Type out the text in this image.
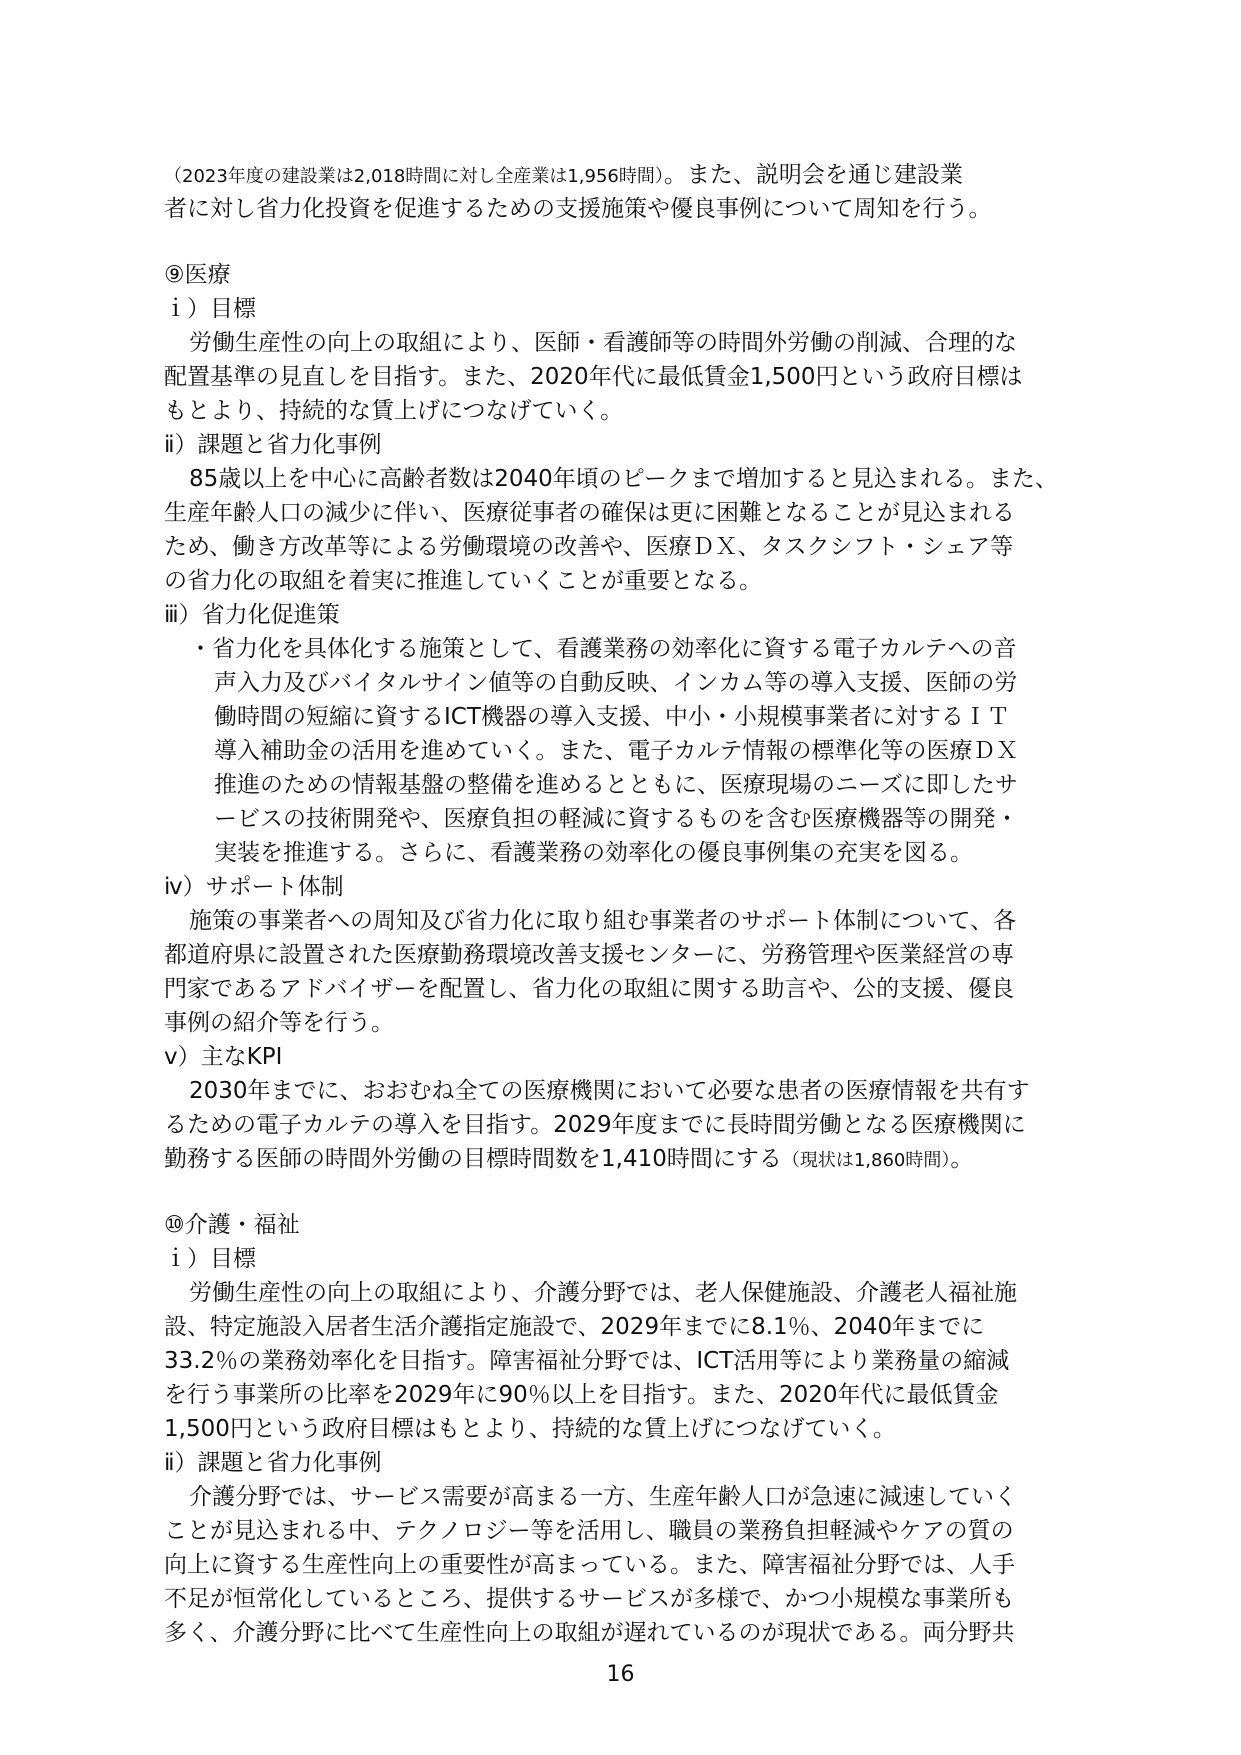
（2023年度の建設業は2,018時間に対し全産業は1,956時間）。また、説明会を通じ建設業

者に対し省力化投資を促進するための支援施策や優良事例について周知を行う。

⑨医療

ｉ）目標

労働生産性の向上の取組により、医師・看護師等の時間外労働の削減、合理的な

配置基準の見直しを目指す。また、2020年代に最低賃金1,500円という政府目標は

もとより、持続的な賃上げにつなげていく。

ⅱ）課題と省力化事例

85歳以上を中心に高齢者数は2040年頃のピークまで増加すると見込まれる。また、

生産年齢人口の減少に伴い、医療従事者の確保は更に困難となることが見込まれる

ため、働き方改革等による労働環境の改善や、医療ＤＸ、タスクシフト・シェア等

の省力化の取組を着実に推進していくことが重要となる。

ⅲ）省力化促進策

・省力化を具体化する施策として、看護業務の効率化に資する電子カルテへの音

声入力及びバイタルサイン値等の自動反映、インカム等の導入支援、医師の労

働時間の短縮に資するICT機器の導入支援、中小・小規模事業者に対するＩＴ

導入補助金の活用を進めていく。また、電子カルテ情報の標準化等の医療ＤＸ

推進のための情報基盤の整備を進めるとともに、医療現場のニーズに即したサ

ービスの技術開発や、医療負担の軽減に資するものを含む医療機器等の開発・

実装を推進する。さらに、看護業務の効率化の優良事例集の充実を図る。

ⅳ）サポート体制

施策の事業者への周知及び省力化に取り組む事業者のサポート体制について、各

都道府県に設置された医療勤務環境改善支援センターに、労務管理や医業経営の専

門家であるアドバイザーを配置し、省力化の取組に関する助言や、公的支援、優良

事例の紹介等を行う。

ⅴ）主なKPI

2030年までに、おおむね全ての医療機関において必要な患者の医療情報を共有す

るための電子カルテの導入を目指す。2029年度までに長時間労働となる医療機関に

勤務する医師の時間外労働の目標時間数を1,410時間にする（現状は1,860時間）。

⑩介護・福祉

ｉ）目標

労働生産性の向上の取組により、介護分野では、老人保健施設、介護老人福祉施

設、特定施設入居者生活介護指定施設で、2029年までに8.1％、2040年までに

33.2％の業務効率化を目指す。障害福祉分野では、ICT活用等により業務量の縮減

を行う事業所の比率を2029年に90％以上を目指す。また、2020年代に最低賃金

1,500円という政府目標はもとより、持続的な賃上げにつなげていく。

ⅱ）課題と省力化事例

介護分野では、サービス需要が高まる一方、生産年齢人口が急速に減速していく

ことが見込まれる中、テクノロジー等を活用し、職員の業務負担軽減やケアの質の

向上に資する生産性向上の重要性が高まっている。また、障害福祉分野では、人手

不足が恒常化しているところ、提供するサービスが多様で、かつ小規模な事業所も

多く、介護分野に比べて生産性向上の取組が遅れているのが現状である。両分野共

16
